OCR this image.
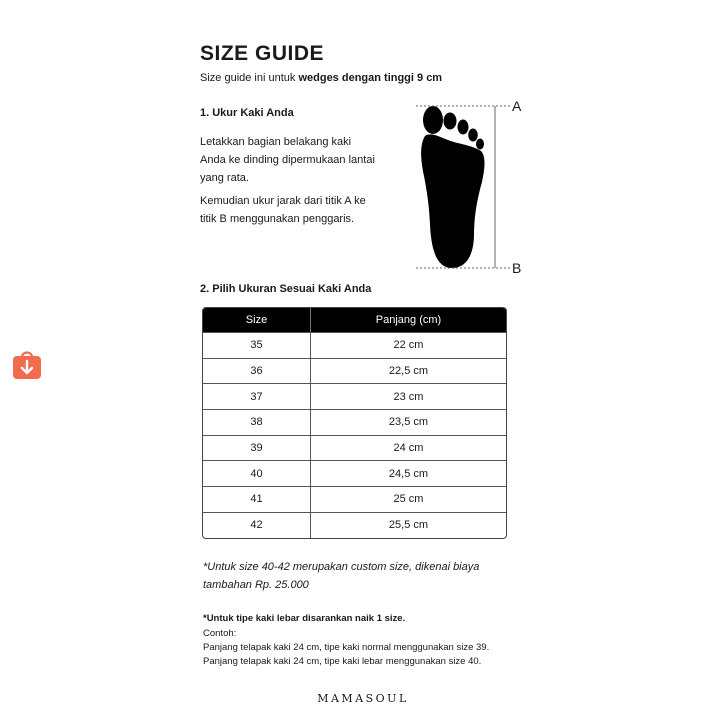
SIZE GUIDE
Size guide ini untuk wedges dengan tinggi 9 cm
1. Ukur Kaki Anda
Letakkan bagian belakang kaki Anda ke dinding dipermukaan lantai yang rata.
Kemudian ukur jarak dari titik A ke titik B menggunakan penggaris.
A
B
2. Pilih Ukuran Sesuai Kaki Anda
Size	Panjang (cm)
35	22 cm
36	22,5 cm
37	23 cm
38	23,5 cm
39	24 cm
40	24,5 cm
41	25 cm
42	25,5 cm
*Untuk size 40-42 merupakan custom size, dikenai biaya tambahan Rp. 25.000
*Untuk tipe kaki lebar disarankan naik 1 size.
Contoh:
Panjang telapak kaki 24 cm, tipe kaki normal menggunakan size 39.
Panjang telapak kaki 24 cm, tipe kaki lebar menggunakan size 40.
MAMASOUL
